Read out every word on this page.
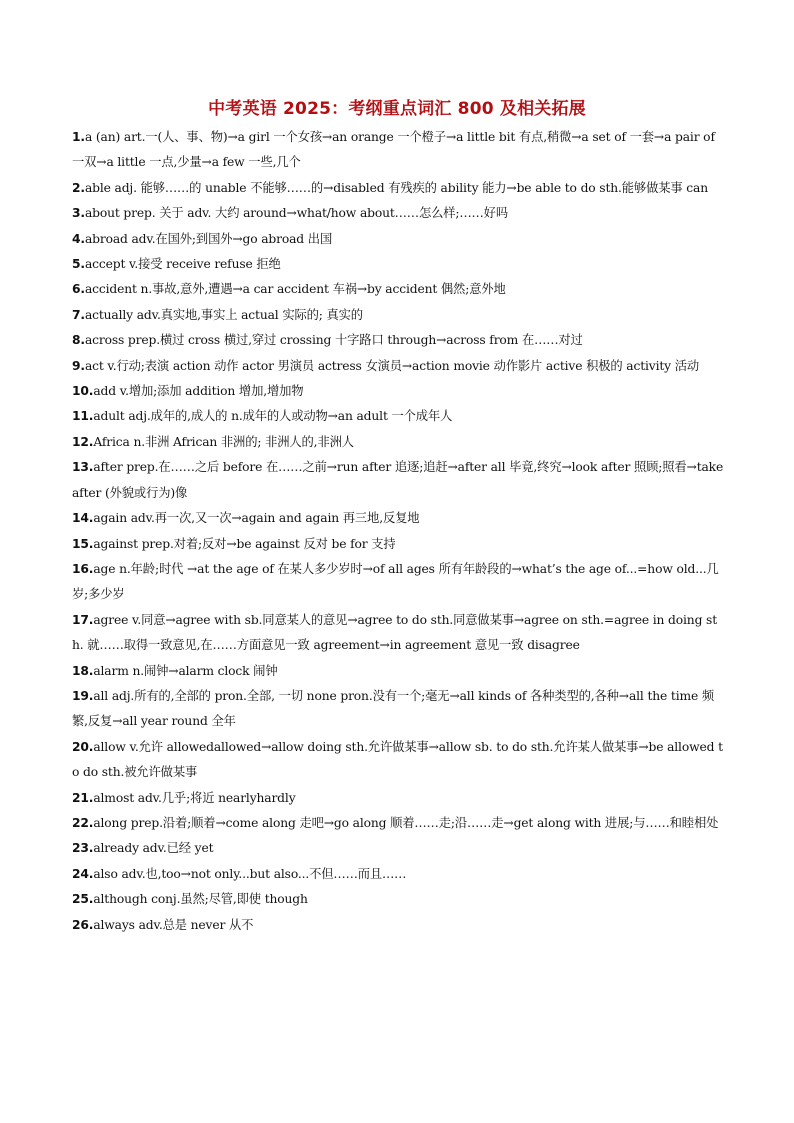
中考英语 2025：考纲重点词汇 800 及相关拓展
1.a (an) art.一(人、事、物)→a girl 一个女孩→an orange 一个橙子→a little bit 有点,稍微→a set of 一套→a pair of 一双→a little 一点,少量→a few 一些,几个
2.able adj. 能够……的 unable 不能够……的→disabled 有残疾的 ability 能力→be able to do sth.能够做某事 can
3.about prep. 关于 adv. 大约 around→what/how about……怎么样;……好吗
4.abroad adv.在国外;到国外→go abroad 出国
5.accept v.接受 receive refuse 拒绝
6.accident n.事故,意外,遭遇→a car accident 车祸→by accident 偶然;意外地
7.actually adv.真实地,事实上 actual 实际的; 真实的
8.across prep.横过 cross 横过,穿过 crossing 十字路口 through→across from 在……对过
9.act v.行动;表演 action 动作 actor 男演员 actress 女演员→action movie 动作影片 active 积极的 activity 活动
10.add v.增加;添加 addition 增加,增加物
11.adult adj.成年的,成人的 n.成年的人或动物→an adult 一个成年人
12.Africa n.非洲 African 非洲的; 非洲人的,非洲人
13.after prep.在……之后 before 在……之前→run after 追逐;追赶→after all 毕竟,终究→look after 照顾;照看→take after (外貌或行为)像
14.again adv.再一次,又一次→again and again 再三地,反复地
15.against prep.对着;反对→be against 反对 be for 支持
16.age n.年龄;时代 →at the age of 在某人多少岁时→of all ages 所有年龄段的→what’s the age of...=how old...几岁;多少岁
17.agree v.同意→agree with sb.同意某人的意见→agree to do sth.同意做某事→agree on sth.=agree in doing sth. 就……取得一致意见,在……方面意见一致 agreement→in agreement 意见一致 disagree
18.alarm n.闹钟→alarm clock 闹钟
19.all adj.所有的,全部的 pron.全部, 一切 none pron.没有一个;毫无→all kinds of 各种类型的,各种→all the time 频繁,反复→all year round 全年
20.allow v.允许 allowedallowed→allow doing sth.允许做某事→allow sb. to do sth.允许某人做某事→be allowed to do sth.被允许做某事
21.almost adv.几乎;将近 nearlyhardly
22.along prep.沿着;顺着→come along 走吧→go along 顺着……走;沿……走→get along with 进展;与……和睦相处
23.already adv.已经 yet
24.also adv.也,too→not only...but also...不但……而且……
25.although conj.虽然;尽管,即使 though
26.always adv.总是 never 从不
